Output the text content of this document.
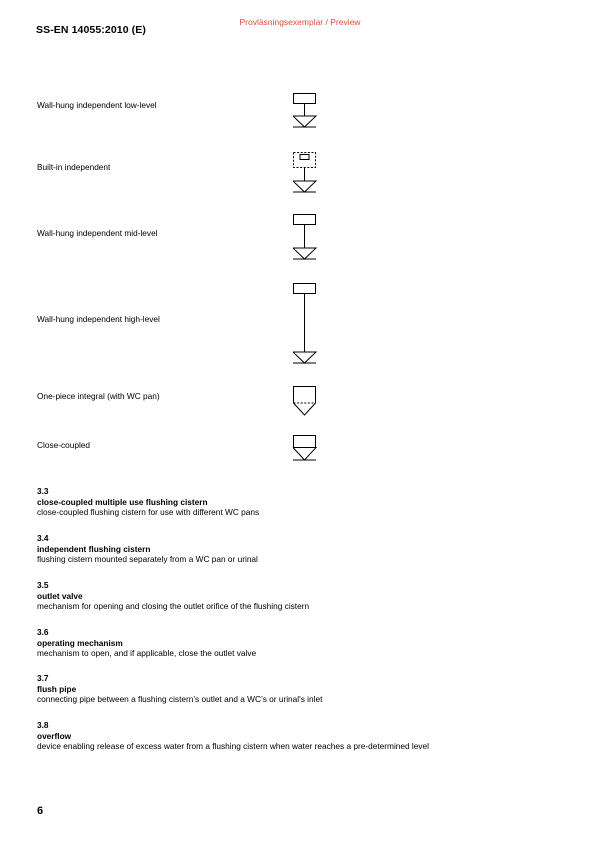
SS-EN 14055:2010 (E)
Provläsningsexemplar / Preview
Wall-hung independent low-level
Built-in independent
Wall-hung independent mid-level
Wall-hung independent high-level
One-piece integral (with WC pan)
Close-coupled
3.3
close-coupled multiple use flushing cistern
close-coupled flushing cistern for use with different WC pans
3.4
independent flushing cistern
flushing cistern mounted separately from a WC pan or urinal
3.5
outlet valve
mechanism for opening and closing the outlet orifice of the flushing cistern
3.6
operating mechanism
mechanism to open, and if applicable, close the outlet valve
3.7
flush pipe
connecting pipe between a flushing cistern’s outlet and a WC’s or urinal's inlet
3.8
overflow
device enabling release of excess water from a flushing cistern when water reaches a pre-determined level
6
